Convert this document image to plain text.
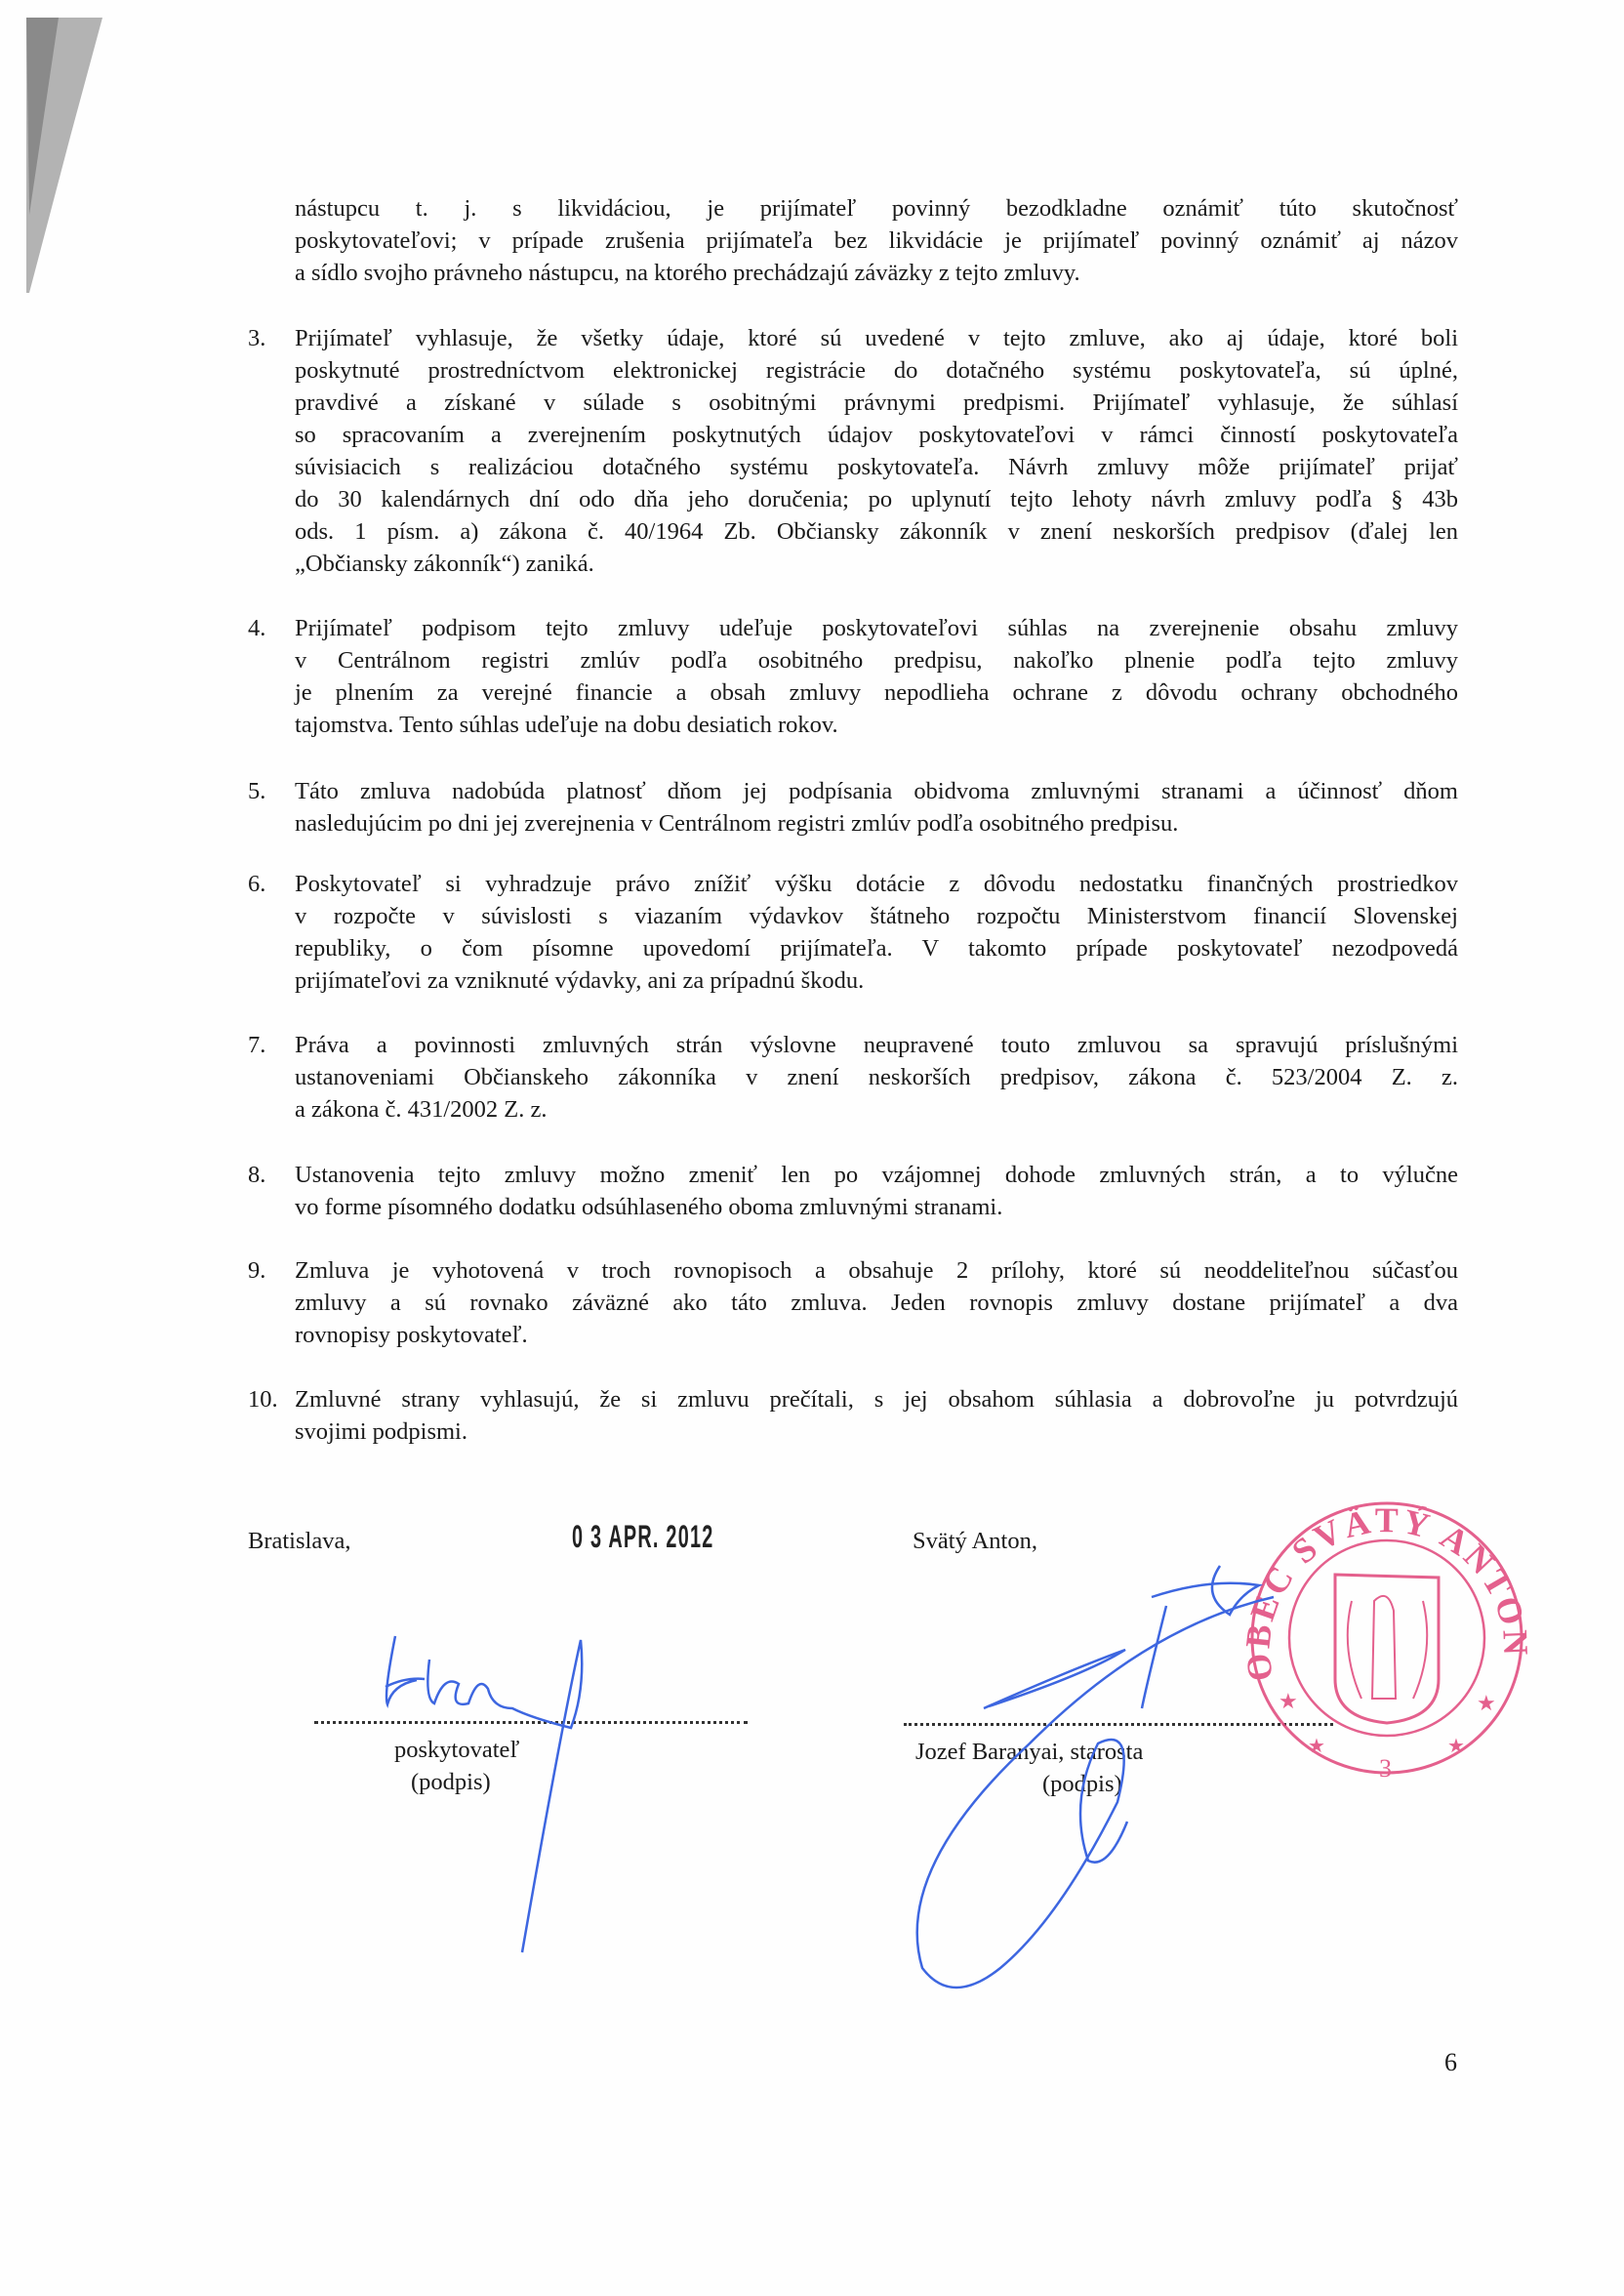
nástupcu t. j. s likvidáciou, je prijímateľ povinný bezodkladne oznámiť túto skutočnosť
poskytovateľovi; v prípade zrušenia prijímateľa bez likvidácie je prijímateľ povinný oznámiť aj názov
a sídlo svojho právneho nástupcu, na ktorého prechádzajú záväzky z tejto zmluvy.
3. Prijímateľ vyhlasuje, že všetky údaje, ktoré sú uvedené v tejto zmluve, ako aj údaje, ktoré boli
poskytnuté prostredníctvom elektronickej registrácie do dotačného systému poskytovateľa, sú úplné,
pravdivé a získané v súlade s osobitnými právnymi predpismi. Prijímateľ vyhlasuje, že súhlasí
so spracovaním a zverejnením poskytnutých údajov poskytovateľovi v rámci činností poskytovateľa
súvisiacich s realizáciou dotačného systému poskytovateľa. Návrh zmluvy môže prijímateľ prijať
do 30 kalendárnych dní odo dňa jeho doručenia; po uplynutí tejto lehoty návrh zmluvy podľa § 43b
ods. 1 písm. a) zákona č. 40/1964 Zb. Občiansky zákonník v znení neskorších predpisov (ďalej len
„Občiansky zákonník“) zaniká.
4. Prijímateľ podpisom tejto zmluvy udeľuje poskytovateľovi súhlas na zverejnenie obsahu zmluvy
v Centrálnom registri zmlúv podľa osobitného predpisu, nakoľko plnenie podľa tejto zmluvy
je plnením za verejné financie a obsah zmluvy nepodlieha ochrane z dôvodu ochrany obchodného
tajomstva. Tento súhlas udeľuje na dobu desiatich rokov.
5. Táto zmluva nadobúda platnosť dňom jej podpísania obidvoma zmluvnými stranami a účinnosť dňom
nasledujúcim po dni jej zverejnenia v Centrálnom registri zmlúv podľa osobitného predpisu.
6. Poskytovateľ si vyhradzuje právo znížiť výšku dotácie z dôvodu nedostatku finančných prostriedkov
v rozpočte v súvislosti s viazaním výdavkov štátneho rozpočtu Ministerstvom financií Slovenskej
republiky, o čom písomne upovedomí prijímateľa. V takomto prípade poskytovateľ nezodpovedá
prijímateľovi za vzniknuté výdavky, ani za prípadnú škodu.
7. Práva a povinnosti zmluvných strán výslovne neupravené touto zmluvou sa spravujú príslušnými
ustanoveniami Občianskeho zákonníka v znení neskorších predpisov, zákona č. 523/2004 Z. z.
a zákona č. 431/2002 Z. z.
8. Ustanovenia tejto zmluvy možno zmeniť len po vzájomnej dohode zmluvných strán, a to výlučne
vo forme písomného dodatku odsúhlaseného oboma zmluvnými stranami.
9. Zmluva je vyhotovená v troch rovnopisoch a obsahuje 2 prílohy, ktoré sú neoddeliteľnou súčasťou
zmluvy a sú rovnako záväzné ako táto zmluva. Jeden rovnopis zmluvy dostane prijímateľ a dva
rovnopisy poskytovateľ.
10. Zmluvné strany vyhlasujú, že si zmluvu prečítali, s jej obsahom súhlasia a dobrovoľne ju potvrdzujú
svojimi podpismi.
Bratislava,	0 3 APR. 2012	Svätý Anton,
poskytovateľ
(podpis)
Jozef Baranyai, starosta
(podpis)
OBEC SVÄTÝ ANTON
3
★	★
★	★
6
